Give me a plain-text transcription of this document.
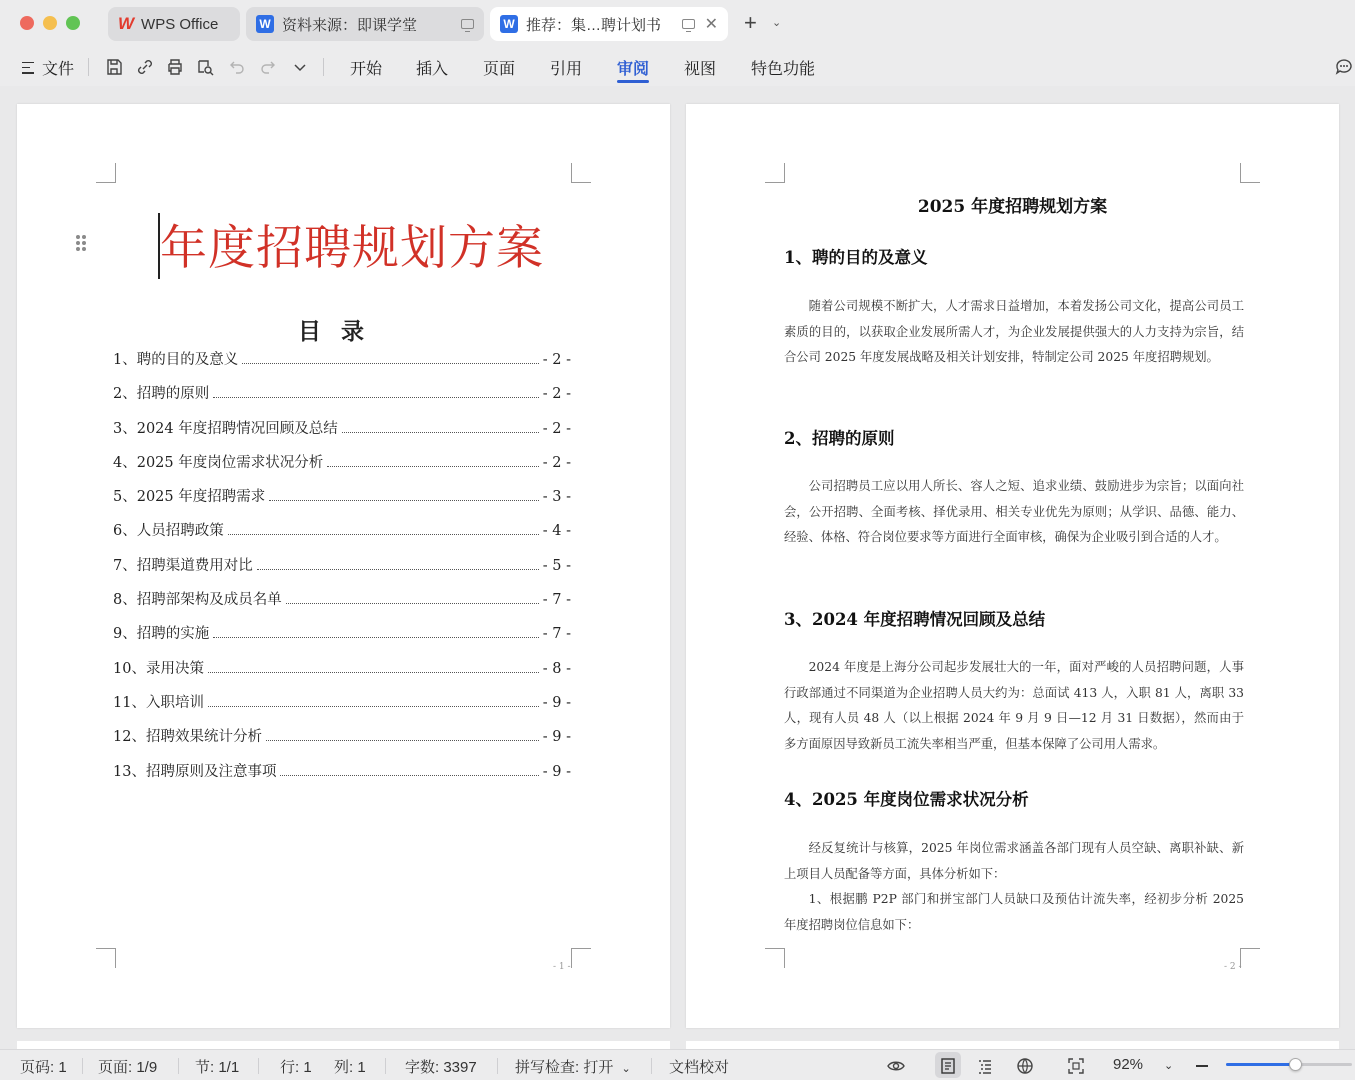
W WPS Office	W 资料来源：即课学堂	W 推荐：集…聘计划书	✕ + ⌄
文件	开始 插入 页面 引用 审阅 视图 特色功能
年度招聘规划方案
目录
1、聘的目的及意义	- 2 -
2、招聘的原则	- 2 -
3、2024 年度招聘情况回顾及总结	- 2 -
4、2025 年度岗位需求状况分析	- 2 -
5、2025 年度招聘需求	- 3 -
6、人员招聘政策	- 4 -
7、招聘渠道费用对比	- 5 -
8、招聘部架构及成员名单	- 7 -
9、招聘的实施	- 7 -
10、录用决策	- 8 -
11、入职培训	- 9 -
12、招聘效果统计分析	- 9 -
13、招聘原则及注意事项	- 9 -
- 1 -
2025 年度招聘规划方案
1、聘的目的及意义
随着公司规模不断扩大，人才需求日益增加，本着发扬公司文化，提高公司员工素质的目的，以获取企业发展所需人才，为企业发展提供强大的人力支持为宗旨，结合公司 2025 年度发展战略及相关计划安排，特制定公司 2025 年度招聘规划。
2、招聘的原则
公司招聘员工应以用人所长、容人之短、追求业绩、鼓励进步为宗旨；以面向社会，公开招聘、全面考核、择优录用、相关专业优先为原则；从学识、品德、能力、经验、体格、符合岗位要求等方面进行全面审核，确保为企业吸引到合适的人才。
3、2024 年度招聘情况回顾及总结
2024 年度是上海分公司起步发展壮大的一年，面对严峻的人员招聘问题，人事行政部通过不同渠道为企业招聘人员大约为：总面试 413 人，入职 81 人，离职 33 人，现有人员 48 人（以上根据 2024 年 9 月 9 日—12 月 31 日数据），然而由于多方面原因导致新员工流失率相当严重，但基本保障了公司用人需求。
4、2025 年度岗位需求状况分析
经反复统计与核算，2025 年岗位需求涵盖各部门现有人员空缺、离职补缺、新上项目人员配备等方面，具体分析如下：
1、根据鹏 P2P 部门和拼宝部门人员缺口及预估计流失率，经初步分析 2025 年度招聘岗位信息如下：
- 2 -
页码: 1 页面: 1/9	节: 1/1	行: 1 列: 1	字数: 3397	拼写检查: 打开 ⌄	文档校对	92% ⌄
